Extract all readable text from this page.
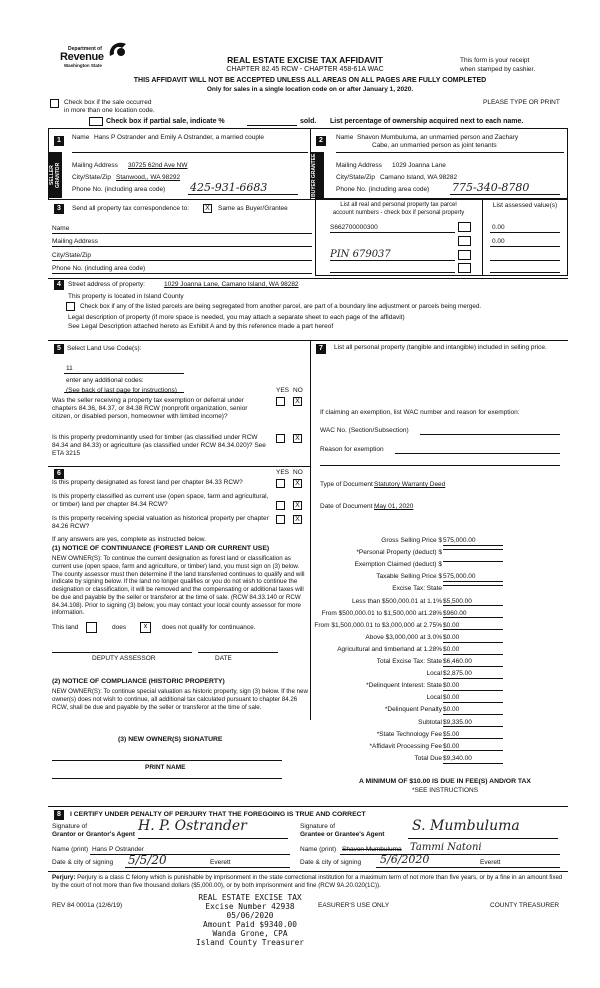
Department of
Revenue
Washington State
REAL ESTATE EXCISE TAX AFFIDAVIT
CHAPTER 82.45 RCW - CHAPTER 458-61A WAC
This form is your receipt
when stamped by cashier.
THIS AFFIDAVIT WILL NOT BE ACCEPTED UNLESS ALL AREAS ON ALL PAGES ARE FULLY COMPLETED
Only for sales in a single location code on or after January 1, 2020.
Check box if the sale occurred
in more than one location code.
PLEASE TYPE OR PRINT
Check box if partial sale, indicate %	sold. List percentage of ownership acquired next to each name.
1
SELLER GRANTOR
Name Hans P Ostrander and Emily A Ostrander, a married couple
Mailing Address 30725 62nd Ave NW
City/State/Zip Stanwood,, WA 98292
Phone No. (including area code) 425-931-6683
2
BUYER GRANTEE
Name Shavon Mumbuluma, an unmarried person and Zachary
Cabe, an unmarried person as joint tenants
Mailing Address 1029 Joanna Lane
City/State/Zip Camano Island, WA 98282
Phone No. (including area code) 775-340-8780
3	Send all property tax correspondence to:	X	Same as Buyer/Grantee	List all real and personal property tax parcel
account numbers - check box if personal property
List assessed value(s)
S662700000300	0.00
0.00
PIN 679037
Name
Mailing Address
City/State/Zip
Phone No. (including area code)
4	Street address of property:	1029 Joanna Lane, Camano Island, WA 98282
This property is located in Island County
Check box if any of the listed parcels are being segregated from another parcel, are part of a boundary line adjustment or parcels being merged.
Legal description of property (if more space is needed, you may attach a separate sheet to each page of the affidavit)
See Legal Description attached hereto as Exhibit A and by this reference made a part hereof
5 Select Land Use Code(s):
11
enter any additional codes:
(See back of last page for instructions)	YES NO
Was the seller receiving a property tax exemption or deferral under chapters 84.36, 84.37, or 84.38 RCW (nonprofit organization, senior citizen, or disabled person, homeowner with limited income)?
X
Is this property predominantly used for timber (as classified under RCW 84.34 and 84.33) or agriculture (as classified under RCW 84.34.020)? See ETA 3215
X
6	YES NO
Is this property designated as forest land per chapter 84.33 RCW?	X
Is this property classified as current use (open space, farm and agricultural, or timber) land per chapter 84.34 RCW?	X
Is this property receiving special valuation as historical property per chapter 84.26 RCW?
X
If any answers are yes, complete as instructed below.
(1) NOTICE OF CONTINUANCE (FOREST LAND OR CURRENT USE)
NEW OWNER(S): To continue the current designation as forest land or classification as current use (open space, farm and agriculture, or timber) land, you must sign on (3) below. The county assessor must then determine if the land transferred continues to qualify and will indicate by signing below. If the land no longer qualifies or you do not wish to continue the designation or classification, it will be removed and the compensating or additional taxes will be due and payable by the seller or transferor at the time of sale. (RCW 84.33.140 or RCW 84.34.108). Prior to signing (3) below, you may contact your local county assessor for more information.
This land	does	x	does not qualify for continuance.
DEPUTY ASSESSOR	DATE
(2) NOTICE OF COMPLIANCE (HISTORIC PROPERTY)
NEW OWNER(S): To continue special valuation as historic property, sign (3) below. If the new owner(s) does not wish to continue, all additional tax calculated pursuant to chapter 84.26 RCW, shall be due and payable by the seller or transferor at the time of sale.
(3) NEW OWNER(S) SIGNATURE
PRINT NAME
7	List all personal property (tangible and intangible) included in selling price.
If claiming an exemption, list WAC number and reason for exemption:
WAC No. (Section/Subsection)
Reason for exemption
Type of Document Statutory Warranty Deed
Date of Document May 01, 2020
Gross Selling Price $ 575,000.00
*Personal Property (deduct) $
Exemption Claimed (deduct) $
Taxable Selling Price $ 575,000.00
Excise Tax: State
Less than $500,000.01 at 1.1% $5,500.00
From $500,000.01 to $1,500,000 at1.28% $960.00
From $1,500,000.01 to $3,000,000 at 2.75% $0.00
Above $3,000,000 at 3.0% $0.00
Agricultural and timberland at 1.28% $0.00
Total Excise Tax: State $6,460.00
Local $2,875.00
*Delinquent Interest: State $0.00
Local $0.00
*Delinquent Penalty $0.00
Subtotal $9,335.00
*State Technology Fee $5.00
*Affidavit Processing Fee $0.00
Total Due $9,340.00
A MINIMUM OF $10.00 IS DUE IN FEE(S) AND/OR TAX
*SEE INSTRUCTIONS
8	I CERTIFY UNDER PENALTY OF PERJURY THAT THE FOREGOING IS TRUE AND CORRECT
Signature of
Grantor or Grantor's Agent
H. P. Ostrander	Signature of
Grantee or Grantee's Agent
S. Mumbuluma
Name (print) Hans P Ostrander	Name (print) Shavon Mumbuluma Tammi Natoni
Date & city of signing 5/5/20	Everett	Date & city of signing 5/6/2020	Everett
Perjury: Perjury is a class C felony which is punishable by imprisonment in the state correctional institution for a maximum term of not more than five years, or by a fine in an amount fixed by the court of not more than five thousand dollars ($5,000.00), or by both imprisonment and fine (RCW 9A.20.020(1C)).
REV 84 0001a (12/6/19)
REAL ESTATE EXCISE TAX
Excise Number 42938
05/06/2020
Amount Paid $9340.00
Wanda Grone, CPA
Island County Treasurer
EASURER'S USE ONLY	COUNTY TREASURER
